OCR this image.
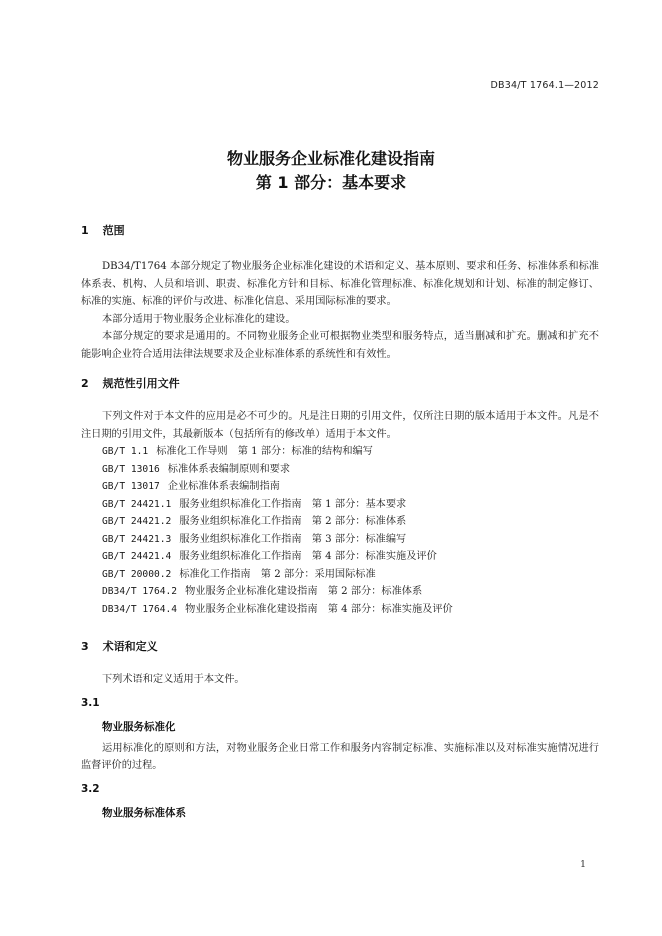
DB34/T 1764.1—2012
物业服务企业标准化建设指南
第 1 部分：基本要求
1 范围

DB34/T1764 本部分规定了物业服务企业标准化建设的术语和定义、基本原则、要求和任务、标准体系和标准体系表、机构、人员和培训、职责、标准化方针和目标、标准化管理标准、标准化规划和计划、标准的制定修订、标准的实施、标准的评价与改进、标准化信息、采用国际标准的要求。

本部分适用于物业服务企业标准化的建设。

本部分规定的要求是通用的。不同物业服务企业可根据物业类型和服务特点，适当删减和扩充。删减和扩充不能影响企业符合适用法律法规要求及企业标准体系的系统性和有效性。

2 规范性引用文件

下列文件对于本文件的应用是必不可少的。凡是注日期的引用文件，仅所注日期的版本适用于本文件。凡是不注日期的引用文件，其最新版本（包括所有的修改单）适用于本文件。

GB/T 1.1 标准化工作导则　第 1 部分：标准的结构和编写
GB/T 13016 标准体系表编制原则和要求
GB/T 13017 企业标准体系表编制指南
GB/T 24421.1 服务业组织标准化工作指南　第 1 部分：基本要求
GB/T 24421.2 服务业组织标准化工作指南　第 2 部分：标准体系
GB/T 24421.3 服务业组织标准化工作指南　第 3 部分：标准编写
GB/T 24421.4 服务业组织标准化工作指南　第 4 部分：标准实施及评价
GB/T 20000.2 标准化工作指南　第 2 部分：采用国际标准
DB34/T 1764.2 物业服务企业标准化建设指南　第 2 部分：标准体系
DB34/T 1764.4 物业服务企业标准化建设指南　第 4 部分：标准实施及评价
3 术语和定义

下列术语和定义适用于本文件。

3.1
物业服务标准化

运用标准化的原则和方法，对物业服务企业日常工作和服务内容制定标准、实施标准以及对标准实施情况进行监督评价的过程。

3.2
物业服务标准体系
1
